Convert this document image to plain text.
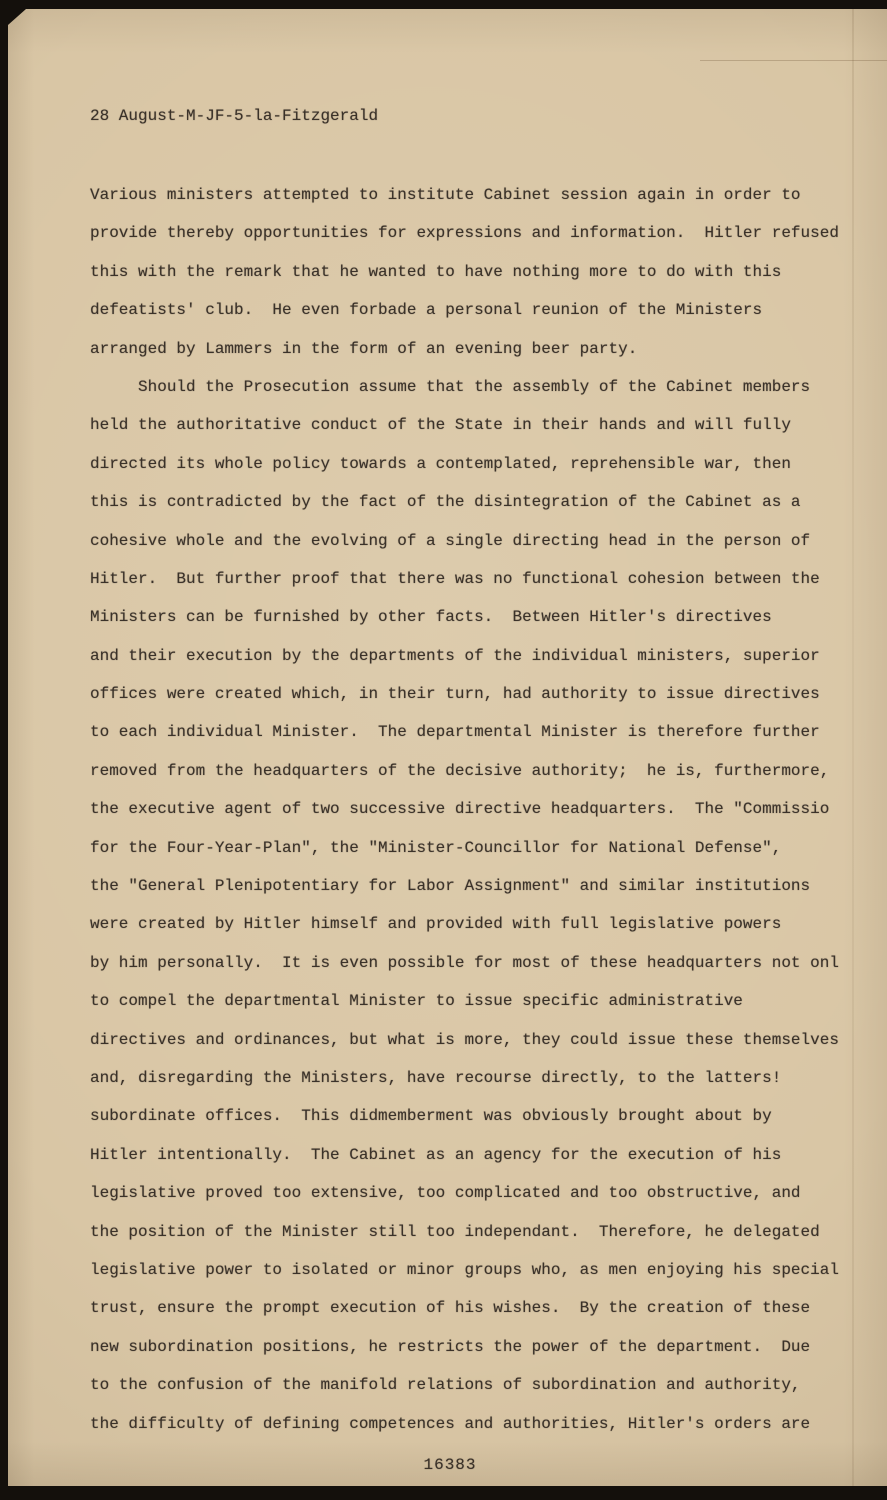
28 August-M-JF-5-la-Fitzgerald
Various ministers attempted to institute Cabinet session again in order to
provide thereby opportunities for expressions and information.  Hitler refused
this with the remark that he wanted to have nothing more to do with this
defeatists' club.  He even forbade a personal reunion of the Ministers
arranged by Lammers in the form of an evening beer party.
Should the Prosecution assume that the assembly of the Cabinet members
held the authoritative conduct of the State in their hands and will fully
directed its whole policy towards a contemplated, reprehensible war, then
this is contradicted by the fact of the disintegration of the Cabinet as a
cohesive whole and the evolving of a single directing head in the person of
Hitler.  But further proof that there was no functional cohesion between the
Ministers can be furnished by other facts.  Between Hitler's directives
and their execution by the departments of the individual ministers, superior
offices were created which, in their turn, had authority to issue directives
to each individual Minister.  The departmental Minister is therefore further
removed from the headquarters of the decisive authority;  he is, furthermore,
the executive agent of two successive directive headquarters.  The "Commissio
for the Four-Year-Plan", the "Minister-Councillor for National Defense",
the "General Plenipotentiary for Labor Assignment" and similar institutions
were created by Hitler himself and provided with full legislative powers
by him personally.  It is even possible for most of these headquarters not onl
to compel the departmental Minister to issue specific administrative
directives and ordinances, but what is more, they could issue these themselves
and, disregarding the Ministers, have recourse directly, to the latters!
subordinate offices.  This didmemberment was obviously brought about by
Hitler intentionally.  The Cabinet as an agency for the execution of his
legislative proved too extensive, too complicated and too obstructive, and
the position of the Minister still too independant.  Therefore, he delegated
legislative power to isolated or minor groups who, as men enjoying his special
trust, ensure the prompt execution of his wishes.  By the creation of these
new subordination positions, he restricts the power of the department.  Due
to the confusion of the manifold relations of subordination and authority,
the difficulty of defining competences and authorities, Hitler's orders are
16383
